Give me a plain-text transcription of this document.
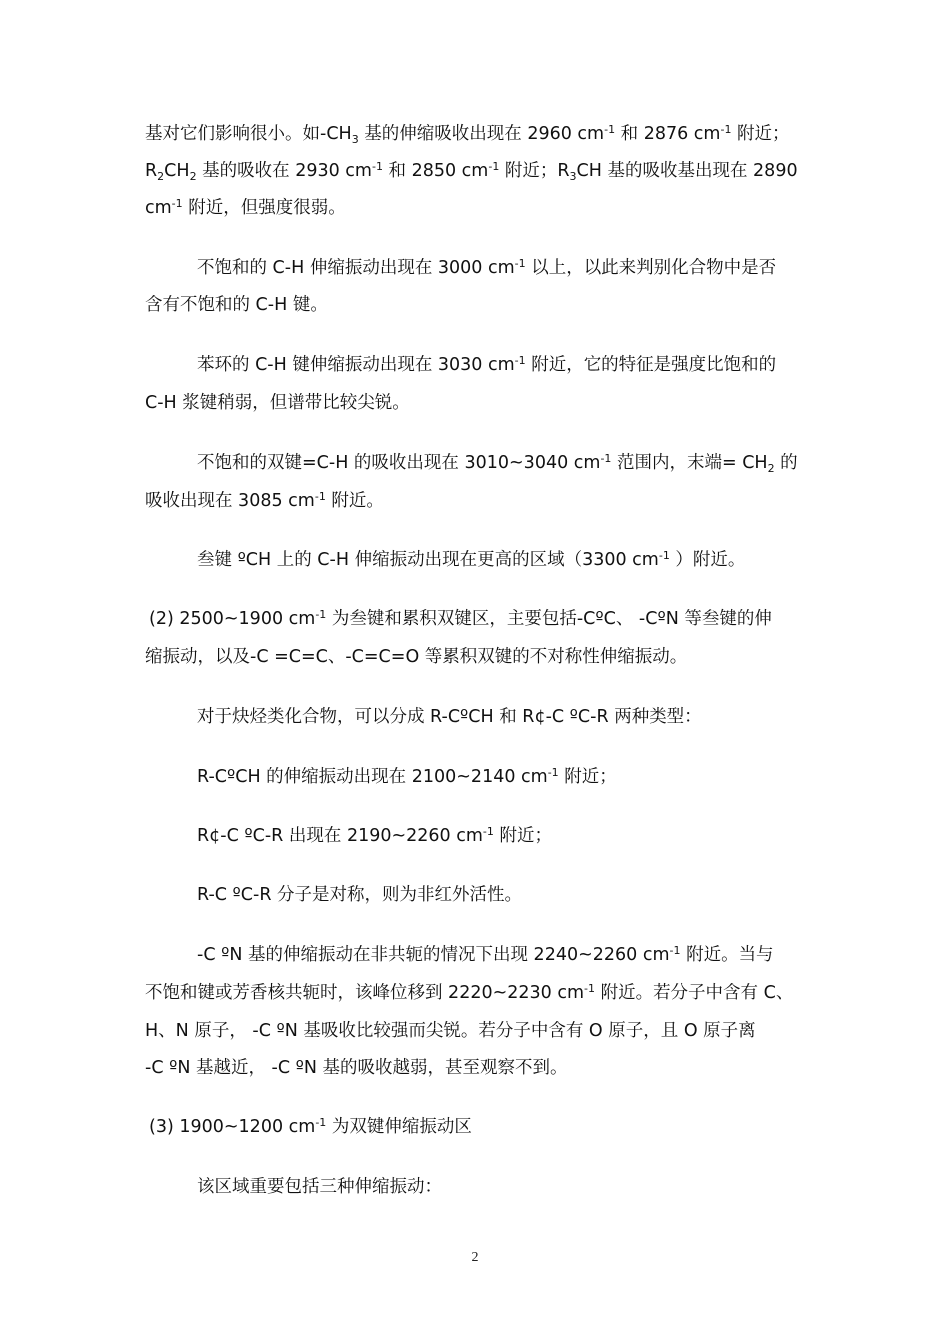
基对它们影响很小。如$-CH_3$ 基的伸缩吸收出现在 2960 $cm^{-1}$ 和 2876 $cm^{-1}$ 附近；
$R_2CH_2$ 基的吸收在 2930 $cm^{-1}$ 和 2850 $cm^{-1}$ 附近；$R_3CH$ 基的吸收基出现在 2890
$cm^{-1}$ 附近，但强度很弱。
不饱和的 C-H 伸缩振动出现在 3000 $cm^{-1}$ 以上，以此来判别化合物中是否
含有不饱和的 C-H 键。
苯环的 C-H 键伸缩振动出现在 3030 $cm^{-1}$ 附近，它的特征是强度比饱和的
C-H 浆键稍弱，但谱带比较尖锐。
不饱和的双键=C-H 的吸收出现在 3010~3040 $cm^{-1}$ 范围内，末端= $CH_2$ 的
吸收出现在 3085 $cm^{-1}$ 附近。
叁键 ºCH 上的 C-H 伸缩振动出现在更高的区域（3300 $cm^{-1}$ ）附近。
(2) 2500~1900 $cm^{-1}$ 为叁键和累积双键区，主要包括-CºC、 -CºN 等叁键的伸
缩振动，以及-C =C=C、-C=C=O 等累积双键的不对称性伸缩振动。
对于炔烃类化合物，可以分成 R-CºCH 和 R¢-C ºC-R 两种类型：
R-CºCH 的伸缩振动出现在 2100~2140 $cm^{-1}$ 附近；
R¢-C ºC-R 出现在 2190~2260 $cm^{-1}$ 附近；
R-C ºC-R 分子是对称，则为非红外活性。
-C ºN 基的伸缩振动在非共轭的情况下出现 2240~2260 $cm^{-1}$ 附近。当与
不饱和键或芳香核共轭时，该峰位移到 2220~2230 $cm^{-1}$ 附近。若分子中含有 C、
H、N 原子， -C ºN 基吸收比较强而尖锐。若分子中含有 O 原子，且 O 原子离
-C ºN 基越近， -C ºN 基的吸收越弱，甚至观察不到。
(3) 1900~1200 $cm^{-1}$ 为双键伸缩振动区
该区域重要包括三种伸缩振动：
2
